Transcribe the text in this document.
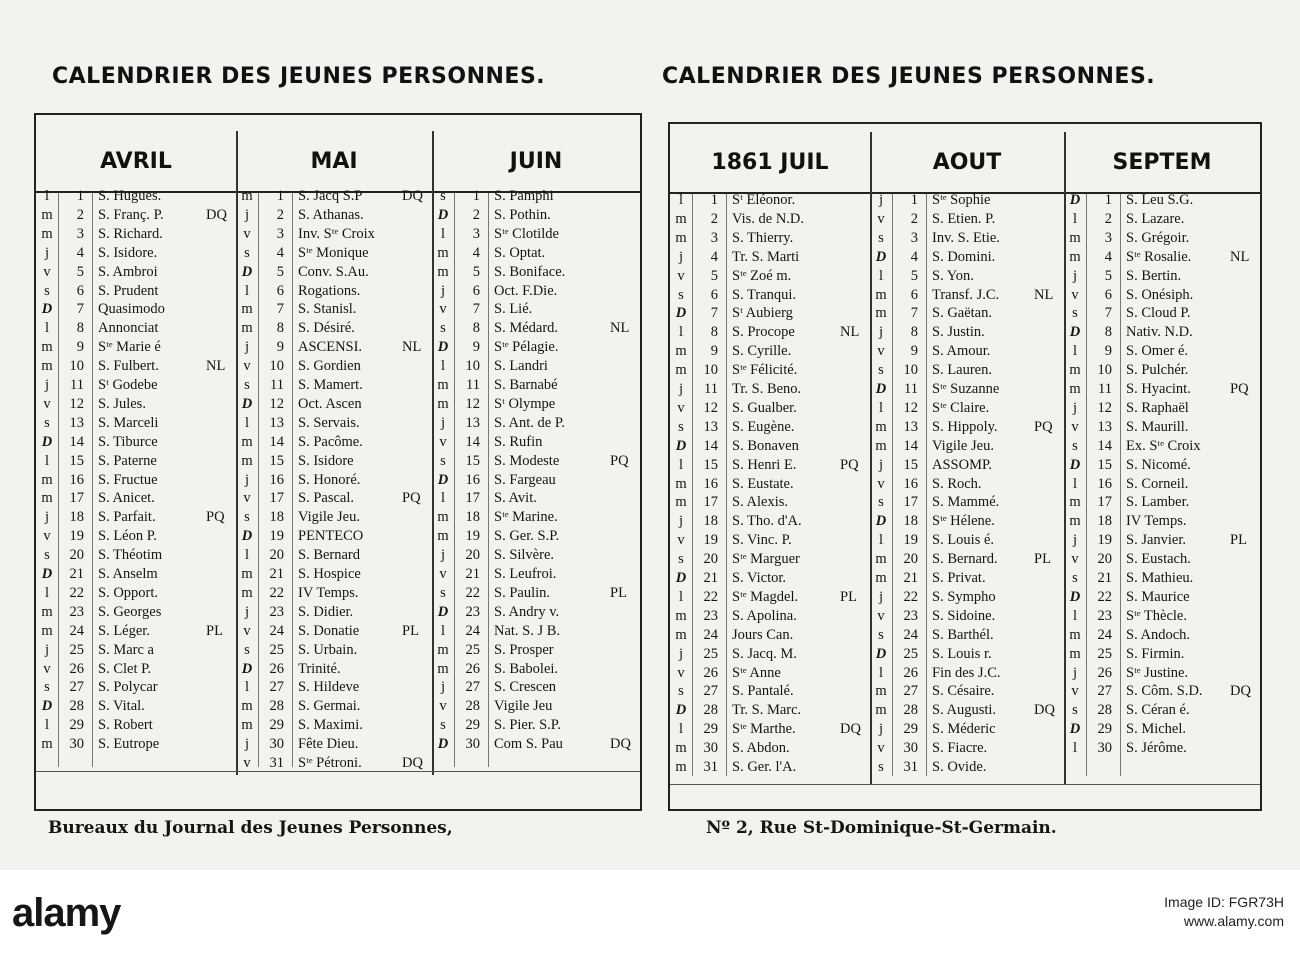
CALENDRIER DES JEUNES PERSONNES.	CALENDRIER DES JEUNES PERSONNES.
AVRIL
l	1 S. Hugues.
m	2 S. Franç. P.	DQ
m	3 S. Richard.
j	4 S. Isidore.
v	5 S. Ambroi
s	6 S. Prudent
D	7 Quasimodo
l	8 Annonciat
m	9 Sᵗᵉ Marie é
m	10 S. Fulbert.	NL
j	11 Sᵗ Godebe
v	12 S. Jules.
s	13 S. Marceli
D	14 S. Tiburce
l	15 S. Paterne
m	16 S. Fructue
m	17 S. Anicet.
j	18 S. Parfait.	PQ
v	19 S. Léon P.
s	20 S. Théotim
D	21 S. Anselm
l	22 S. Opport.
m	23 S. Georges
m	24 S. Léger.	PL
j	25 S. Marc a
v	26 S. Clet P.
s	27 S. Polycar
D	28 S. Vital.
l	29 S. Robert
m	30 S. Eutrope
MAI
m	1 S. Jacq S.P	DQ
j	2 S. Athanas.
v	3 Inv. Sᵗᵉ Croix
s	4 Sᵗᵉ Monique
D	5 Conv. S.Au.
l	6 Rogations.
m	7 S. Stanisl.
m	8 S. Désiré.
j	9 ASCENSI.	NL
v	10 S. Gordien
s	11 S. Mamert.
D	12 Oct. Ascen
l	13 S. Servais.
m	14 S. Pacôme.
m	15 S. Isidore
j	16 S. Honoré.
v	17 S. Pascal.	PQ
s	18 Vigile Jeu.
D	19 PENTECO
l	20 S. Bernard
m	21 S. Hospice
m	22 IV Temps.
j	23 S. Didier.
v	24 S. Donatie	PL
s	25 S. Urbain.
D	26 Trinité.
l	27 S. Hildeve
m	28 S. Germai.
m	29 S. Maximi.
j	30 Fête Dieu.
v	31 Sᵗᵉ Pétroni.	DQ
JUIN
s	1 S. Pamphi
D	2 S. Pothin.
l	3 Sᵗᵉ Clotilde
m	4 S. Optat.
m	5 S. Boniface.
j	6 Oct. F.Die.
v	7 S. Lié.
s	8 S. Médard.	NL
D	9 Sᵗᵉ Pélagie.
l	10 S. Landri
m	11 S. Barnabé
m	12 Sᵗ Olympe
j	13 S. Ant. de P.
v	14 S. Rufin
s	15 S. Modeste	PQ
D	16 S. Fargeau
l	17 S. Avit.
m	18 Sᵗᵉ Marine.
m	19 S. Ger. S.P.
j	20 S. Silvère.
v	21 S. Leufroi.
s	22 S. Paulin.	PL
D	23 S. Andry v.
l	24 Nat. S. J B.
m	25 S. Prosper
m	26 S. Babolei.
j	27 S. Crescen
v	28 Vigile Jeu
s	29 S. Pier. S.P.
D	30 Com S. Pau	DQ
1861 JUIL
l	1 Sᵗ Eléonor.
m	2 Vis. de N.D.
m	3 S. Thierry.
j	4 Tr. S. Marti
v	5 Sᵗᵉ Zoé m.
s	6 S. Tranqui.
D	7 Sᵗ Aubierg
l	8 S. Procope	NL
m	9 S. Cyrille.
m	10 Sᵗᵉ Félicité.
j	11 Tr. S. Beno.
v	12 S. Gualber.
s	13 S. Eugène.
D	14 S. Bonaven
l	15 S. Henri E.	PQ
m	16 S. Eustate.
m	17 S. Alexis.
j	18 S. Tho. d'A.
v	19 S. Vinc. P.
s	20 Sᵗᵉ Marguer
D	21 S. Victor.
l	22 Sᵗᵉ Magdel.	PL
m	23 S. Apolina.
m	24 Jours Can.
j	25 S. Jacq. M.
v	26 Sᵗᵉ Anne
s	27 S. Pantalé.
D	28 Tr. S. Marc.
l	29 Sᵗᵉ Marthe.	DQ
m	30 S. Abdon.
m	31 S. Ger. l'A.
AOUT
j	1 Sᵗᵉ Sophie
v	2 S. Etien. P.
s	3 Inv. S. Etie.
D	4 S. Domini.
l	5 S. Yon.
m	6 Transf. J.C.	NL
m	7 S. Gaëtan.
j	8 S. Justin.
v	9 S. Amour.
s	10 S. Lauren.
D	11 Sᵗᵉ Suzanne
l	12 Sᵗᵉ Claire.
m	13 S. Hippoly.	PQ
m	14 Vigile Jeu.
j	15 ASSOMP.
v	16 S. Roch.
s	17 S. Mammé.
D	18 Sᵗᵉ Hélene.
l	19 S. Louis é.
m	20 S. Bernard.	PL
m	21 S. Privat.
j	22 S. Sympho
v	23 S. Sidoine.
s	24 S. Barthél.
D	25 S. Louis r.
l	26 Fin des J.C.
m	27 S. Césaire.
m	28 S. Augusti.	DQ
j	29 S. Méderic
v	30 S. Fiacre.
s	31 S. Ovide.
SEPTEM
D	1 S. Leu S.G.
l	2 S. Lazare.
m	3 S. Grégoir.
m	4 Sᵗᵉ Rosalie.	NL
j	5 S. Bertin.
v	6 S. Onésiph.
s	7 S. Cloud P.
D	8 Nativ. N.D.
l	9 S. Omer é.
m	10 S. Pulchér.
m	11 S. Hyacint.	PQ
j	12 S. Raphaël
v	13 S. Maurill.
s	14 Ex. Sᵗᵉ Croix
D	15 S. Nicomé.
l	16 S. Corneil.
m	17 S. Lamber.
m	18 IV Temps.
j	19 S. Janvier.	PL
v	20 S. Eustach.
s	21 S. Mathieu.
D	22 S. Maurice
l	23 Sᵗᵉ Thècle.
m	24 S. Andoch.
m	25 S. Firmin.
j	26 Sᵗᵉ Justine.
v	27 S. Côm. S.D.	DQ
s	28 S. Céran é.
D	29 S. Michel.
l	30 S. Jérôme.
Bureaux du Journal des Jeunes Personnes,	Nº 2, Rue St-Dominique-St-Germain.
alamy	Image ID: FGR73H
www.alamy.com
